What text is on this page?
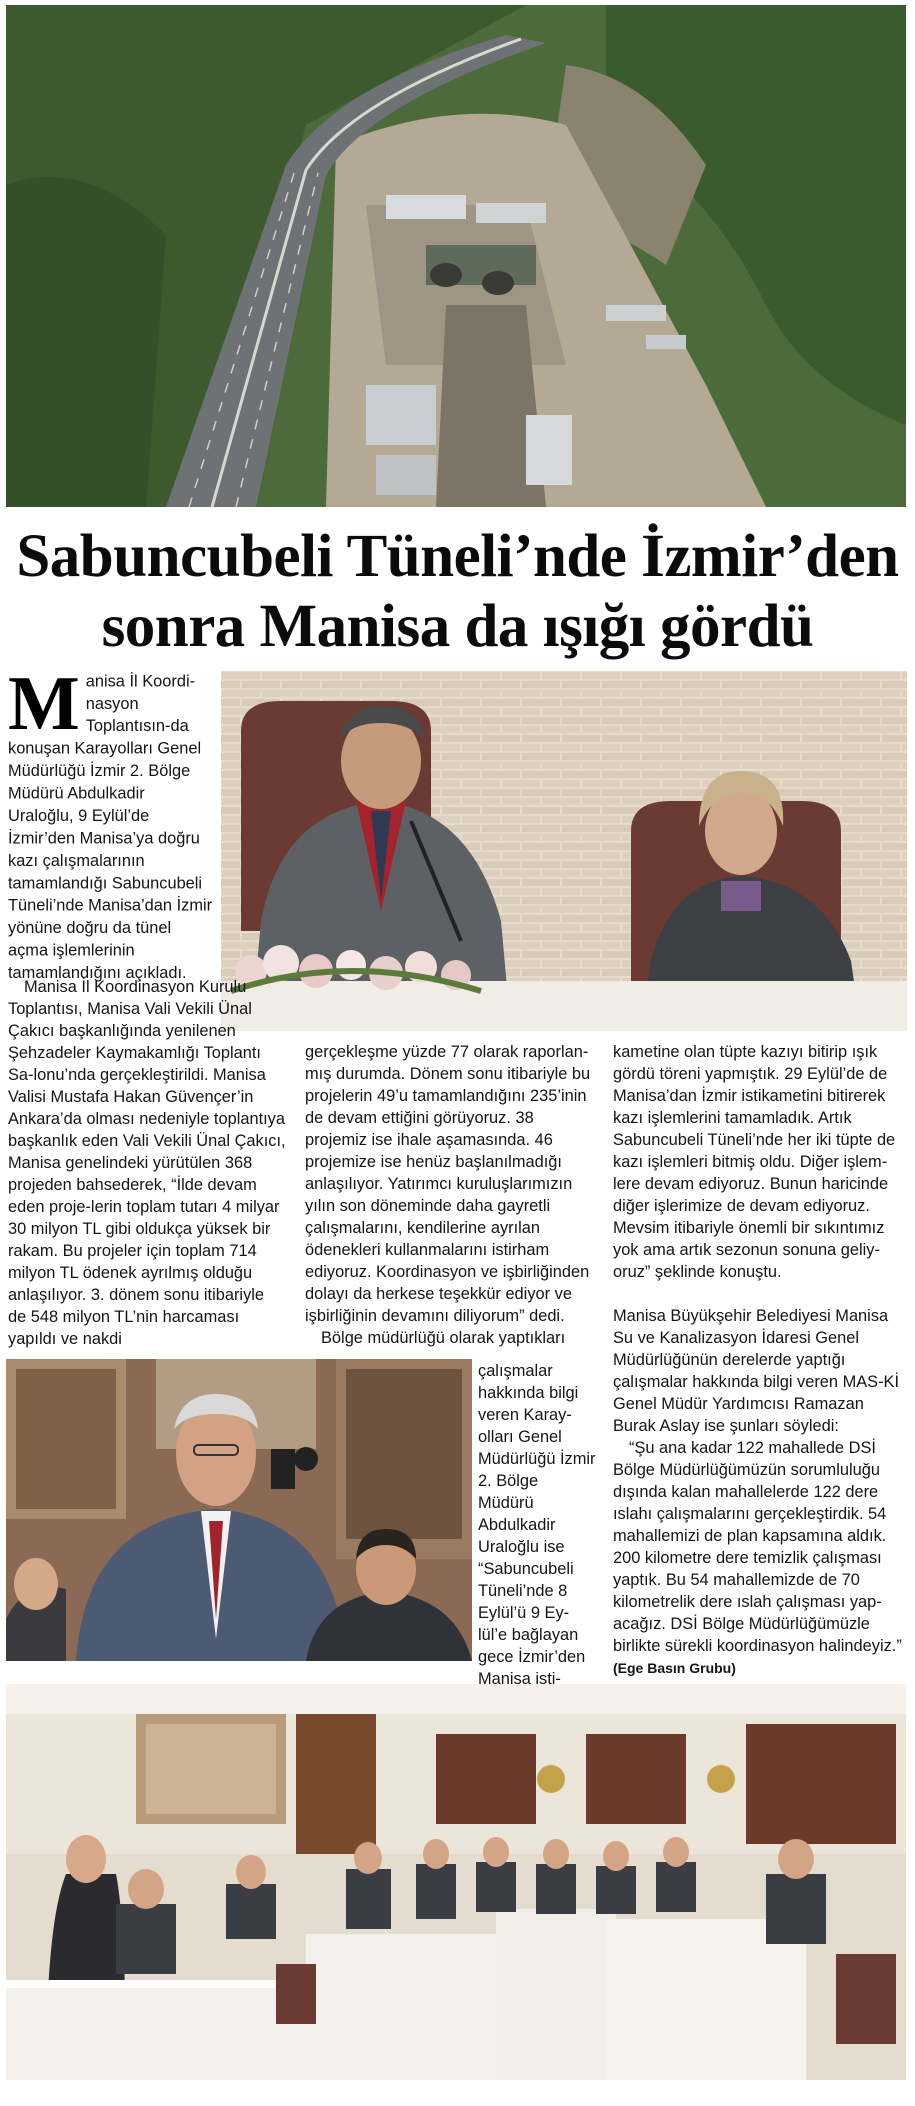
Sabuncubeli Tüneli’nde İzmir’den
sonra Manisa da ışığı gördü
M anisa İl Koordi-nasyon Toplantısın-da konuşan Karayolları Genel Müdürlüğü İzmir 2. Bölge Müdürü Abdulkadir Uraloğlu, 9 Eylül’de İzmir’den Manisa’ya doğru kazı çalışmalarının tamamlandığı Sabuncubeli Tüneli’nde Manisa’dan İzmir yönüne doğru da tünel açma işlemlerinin tamamlandığını açıkladı.

Manisa İl Koordinasyon Kurulu Toplantısı, Manisa Vali Vekili Ünal Çakıcı başkanlığında yenilenen Şehzadeler Kaymakamlığı Toplantı Sa-lonu’nda gerçekleştirildi. Manisa Valisi Mustafa Hakan Güvençer’in Ankara’da olması nedeniyle toplantıya başkanlık eden Vali Vekili Ünal Çakıcı, Manisa genelindeki yürütülen 368 projeden bahsederek, “İlde devam eden proje-lerin toplam tutarı 4 milyar 30 milyon TL gibi oldukça yüksek bir rakam. Bu projeler için toplam 714 milyon TL ödenek ayrılmış olduğu anlaşılıyor. 3. dönem sonu itibariyle de 548 milyon TL’nin harcaması yapıldı ve nakdi

gerçekleşme yüzde 77 olarak raporlan-mış durumda. Dönem sonu itibariyle bu projelerin 49’u tamamlandığını 235’inin de devam ettiğini görüyoruz. 38 projemiz ise ihale aşamasında. 46 projemize ise henüz başlanılmadığı anlaşılıyor. Yatırımcı kuruluşlarımızın yılın son döneminde daha gayretli çalışmalarını, kendilerine ayrılan ödenekleri kullanmalarını istirham ediyoruz. Koordinasyon ve işbirliğinden dolayı da herkese teşekkür ediyor ve işbirliğinin devamını diliyorum” dedi.

Bölge müdürlüğü olarak yaptıkları

çalışmalar hakkında bilgi veren Karay-olları Genel Müdürlüğü İzmir 2. Bölge Müdürü Abdulkadir Uraloğlu ise “Sabuncubeli Tüneli’nde 8 Eylül’ü 9 Ey-lül’e bağlayan gece İzmir’den Manisa isti-

kametine olan tüpte kazıyı bitirip ışık gördü töreni yapmıştık. 29 Eylül’de de Manisa’dan İzmir istikametini bitirerek kazı işlemlerini tamamladık. Artık Sabuncubeli Tüneli’nde her iki tüpte de kazı işlemleri bitmiş oldu. Diğer işlem-lere devam ediyoruz. Bunun haricinde diğer işlerimize de devam ediyoruz. Mevsim itibariyle önemli bir sıkıntımız yok ama artık sezonun sonuna geliy-oruz” şeklinde konuştu.

Manisa Büyükşehir Belediyesi Manisa Su ve Kanalizasyon İdaresi Genel Müdürlüğünün derelerde yaptığı çalışmalar hakkında bilgi veren MAS-Kİ Genel Müdür Yardımcısı Ramazan Burak Aslay ise şunları söyledi:

“Şu ana kadar 122 mahallede DSİ Bölge Müdürlüğümüzün sorumluluğu dışında kalan mahallelerde 122 dere ıslahı çalışmalarını gerçekleştirdik. 54 mahallemizi de plan kapsamına aldık. 200 kilometre dere temizlik çalışması yaptık. Bu 54 mahallemizde de 70 kilometrelik dere ıslah çalışması yap-acağız. DSİ Bölge Müdürlüğümüzle birlikte sürekli koordinasyon halindeyiz.” (Ege Basın Grubu)
